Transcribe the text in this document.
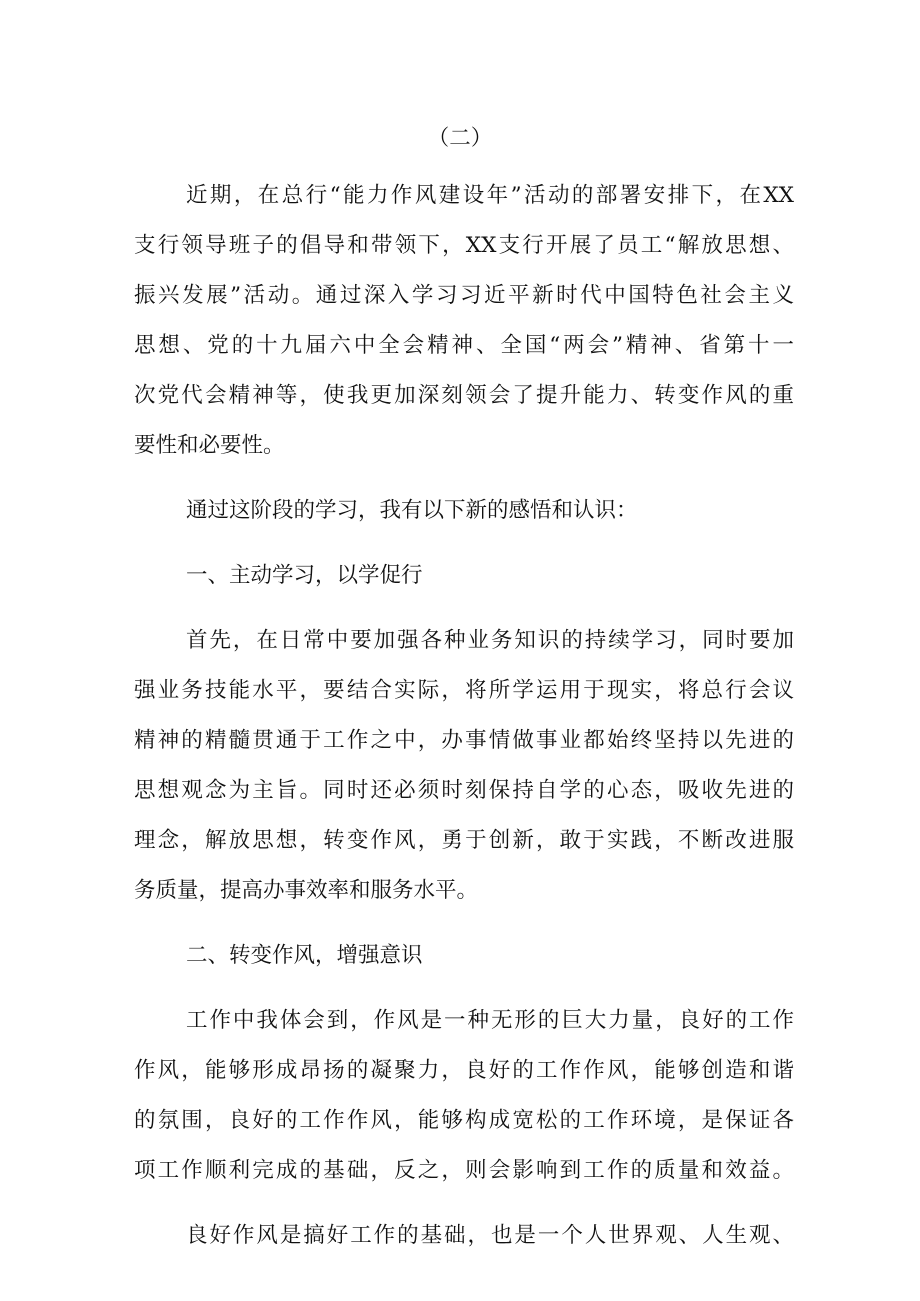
（二）
近期，在总行“能力作风建设年”活动的部署安排下，在XX
支行领导班子的倡导和带领下，XX支行开展了员工“解放思想、
振兴发展”活动。通过深入学习习近平新时代中国特色社会主义
思想、党的十九届六中全会精神、全国“两会”精神、省第十一
次党代会精神等，使我更加深刻领会了提升能力、转变作风的重
要性和必要性。
通过这阶段的学习，我有以下新的感悟和认识：
一、主动学习，以学促行
首先，在日常中要加强各种业务知识的持续学习，同时要加
强业务技能水平，要结合实际，将所学运用于现实，将总行会议
精神的精髓贯通于工作之中，办事情做事业都始终坚持以先进的
思想观念为主旨。同时还必须时刻保持自学的心态，吸收先进的
理念，解放思想，转变作风，勇于创新，敢于实践，不断改进服
务质量，提高办事效率和服务水平。
二、转变作风，增强意识
工作中我体会到，作风是一种无形的巨大力量，良好的工作
作风，能够形成昂扬的凝聚力，良好的工作作风，能够创造和谐
的氛围，良好的工作作风，能够构成宽松的工作环境，是保证各
项工作顺利完成的基础，反之，则会影响到工作的质量和效益。
良好作风是搞好工作的基础，也是一个人世界观、人生观、
